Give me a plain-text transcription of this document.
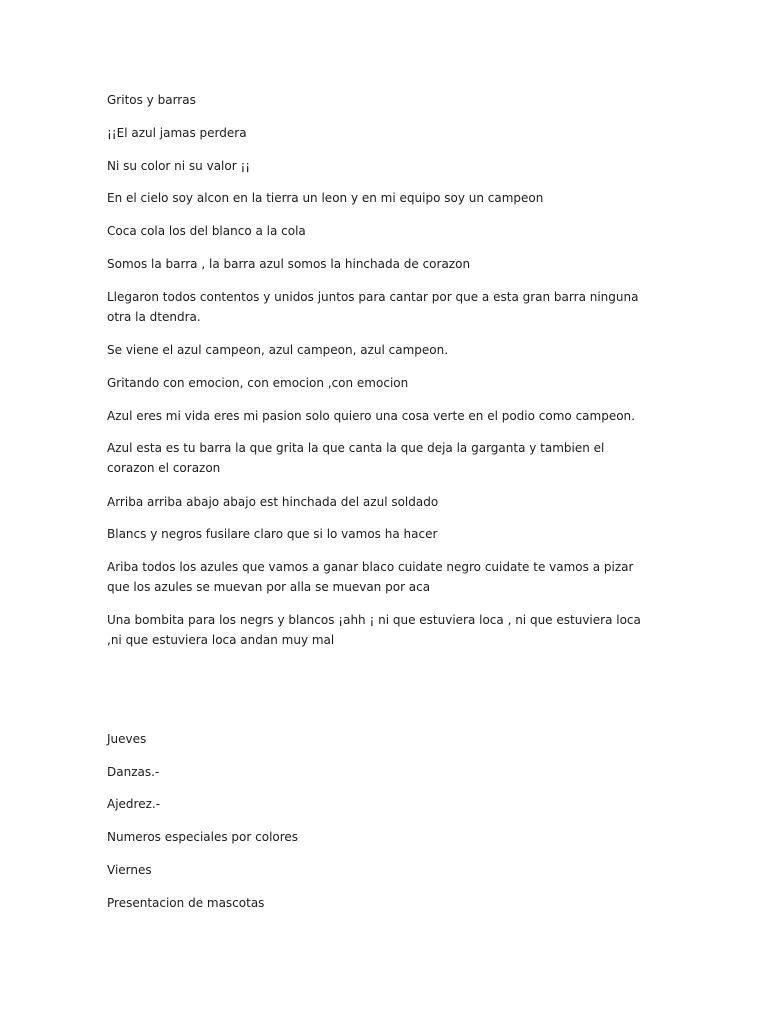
Gritos y barras

¡¡El azul jamas perdera

Ni su color ni su valor ¡¡

En el cielo soy alcon en la tierra un leon y en mi equipo soy un campeon

Coca cola los del blanco a la cola

Somos la barra , la barra azul somos la hinchada de corazon

Llegaron todos contentos y unidos juntos para cantar por que a esta gran barra ninguna otra la dtendra.

Se viene el azul campeon, azul campeon, azul campeon.

Gritando con emocion, con emocion ,con emocion

Azul eres mi vida eres mi pasion solo quiero una cosa verte en el podio como campeon.

Azul esta es tu barra la que grita la que canta la que deja la garganta y tambien el corazon el corazon

Arriba arriba abajo abajo est hinchada del azul soldado

Blancs y negros fusilare claro que si lo vamos ha hacer

Ariba todos los azules que vamos a ganar blaco cuidate negro cuidate te vamos a pizar que los azules se muevan por alla se muevan por aca

Una bombita para los negrs y blancos ¡ahh ¡ ni que estuviera loca , ni que estuviera loca ,ni que estuviera loca andan muy mal

Jueves

Danzas.-

Ajedrez.-

Numeros especiales por colores

Viernes

Presentacion de mascotas
